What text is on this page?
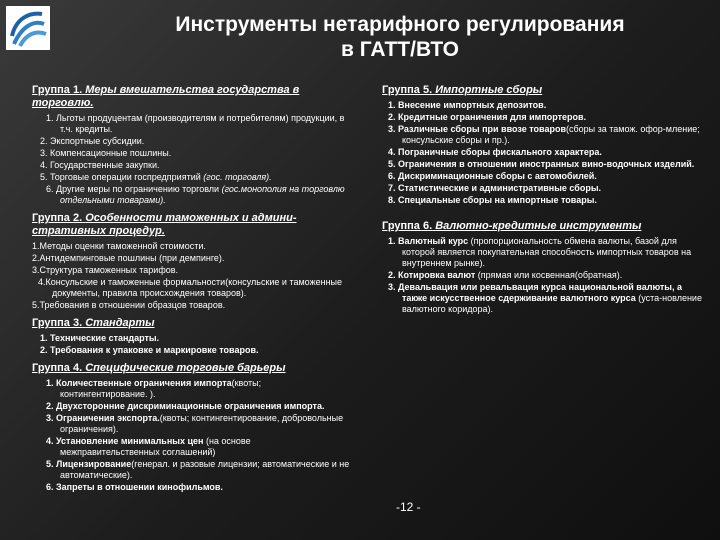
Инструменты нетарифного регулирования
в ГАТТ/ВТО
Группа 1. Меры вмешательства государства в торговлю.
1. Льготы продуцентам (производителям и потребителям) продукции, в т.ч. кредиты.
2. Экспортные субсидии.
3. Компенсационные пошлины.
4. Государственные закупки.
5. Торговые операции госпредприятий (гос. торговля).
6. Другие меры по ограничению торговли (гос.монополия на торговлю отдельными товарами).
Группа 2. Особенности таможенных и админи-стративных процедур.
1.Методы оценки таможенной стоимости.
2.Антидемпинговые пошлины (при демпинге).
3.Структура таможенных тарифов.
4.Консульские и таможенные формальности(консульские и таможенные документы, правила происхождения товаров).
5.Требования в отношении образцов товаров.
Группа 3. Стандарты
1. Технические стандарты.
2. Требования к упаковке и маркировке товаров.
Группа 4. Специфические торговые барьеры
1. Количественные ограничения импорта(квоты; контингентирование. ).
2. Двухсторонние дискриминационные ограничения импорта.
3. Ограничения экспорта.(квоты; контингентирование, добровольные ограничения).
4. Установление минимальных цен (на основе межправительственных соглашений)
5. Лицензирование(генерал. и разовые лицензии; автоматические и не автоматические).
6. Запреты в отношении кинофильмов.
Группа 5. Импортные сборы
1. Внесение импортных депозитов.
2. Кредитные ограничения для импортеров.
3. Различные сборы при ввозе товаров(сборы за тамож. офор-мление; консульские сборы и пр.).
4. Пограничные сборы фискального характера.
5. Ограничения в отношении иностранных вино-водочных изделий.
6. Дискриминационные сборы с автомобилей.
7. Статистические и административные сборы.
8. Специальные сборы на импортные товары.
Группа 6. Валютно-кредитные инструменты
1. Валютный курс (пропорциональность обмена валюты, базой для которой является покупательная способность импортных товаров на внутреннем рынке).
2. Котировка валют (прямая или косвенная(обратная).
3. Девальвация или ревальвация курса национальной валюты, а также искусственное сдерживание валютного курса (уста-новление валютного коридора).
-12 -
